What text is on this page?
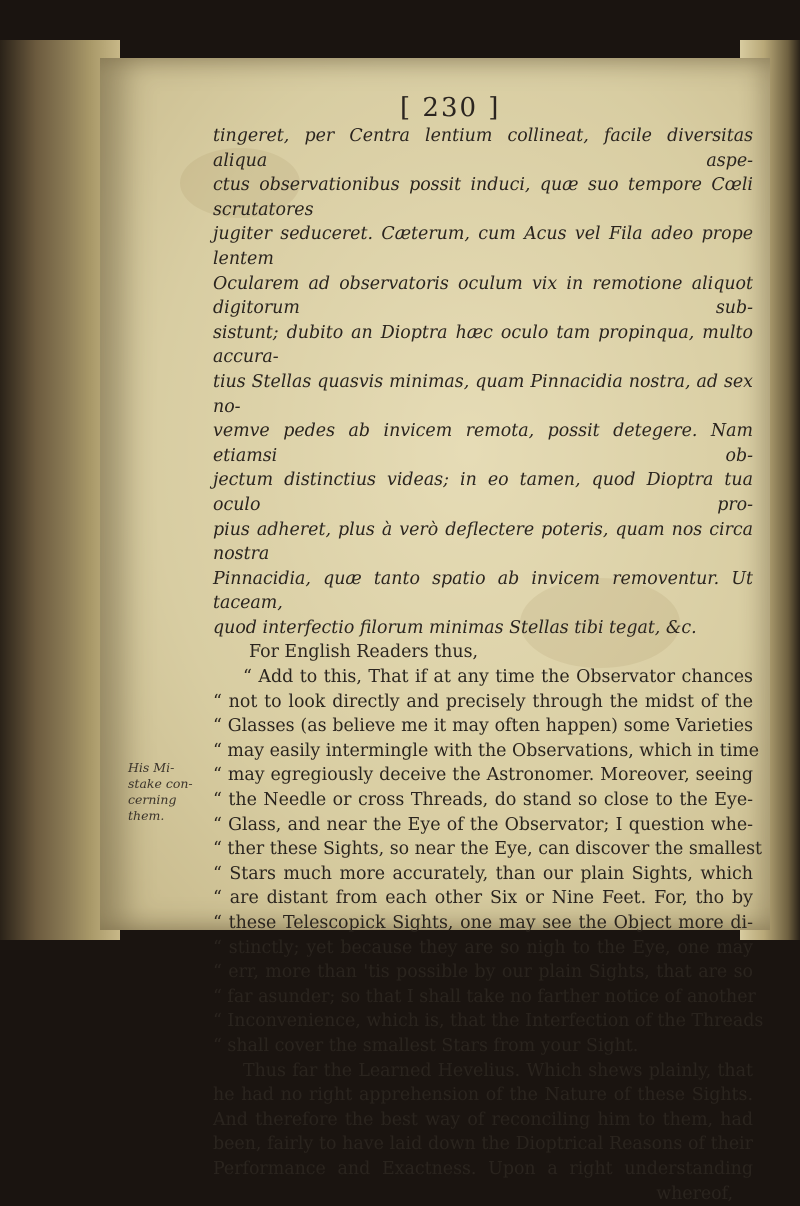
[ 230 ]

tingeret, per Centra lentium collineat, facile diversitas aliqua aspe-
ctus observationibus possit induci, quæ suo tempore Cœli scrutatores
jugiter seduceret. Cæterum, cum Acus vel Fila adeo prope lentem
Ocularem ad observatoris oculum vix in remotione aliquot digitorum sub-
sistunt; dubito an Dioptra hæc oculo tam propinqua, multo accura-
tius Stellas quasvis minimas, quam Pinnacidia nostra, ad sex no-
vemve pedes ab invicem remota, possit detegere. Nam etiamsi ob-
jectum distinctius videas; in eo tamen, quod Dioptra tua oculo pro-
pius adheret, plus à verò deflectere poteris, quam nos circa nostra
Pinnacidia, quæ tanto spatio ab invicem removentur. Ut taceam,
quod interfectio filorum minimas Stellas tibi tegat, &c.

For English Readers thus,
“ Add to this, That if at any time the Observator chances
“ not to look directly and precisely through the midst of the
“ Glasses (as believe me it may often happen) some Varieties
“ may easily intermingle with the Observations, which in time
“ may egregiously deceive the Astronomer. Moreover, seeing
“ the Needle or cross Threads, do stand so close to the Eye-
“ Glass, and near the Eye of the Observator; I question whe-
“ ther these Sights, so near the Eye, can discover the smallest
“ Stars much more accurately, than our plain Sights, which
“ are distant from each other Six or Nine Feet. For, tho by
“ these Telescopick Sights, one may see the Object more di-
“ stinctly; yet because they are so nigh to the Eye, one may
“ err, more than 'tis possible by our plain Sights, that are so
“ far asunder; so that I shall take no farther notice of another
“ Inconvenience, which is, that the Interfection of the Threads
“ shall cover the smallest Stars from your Sight.

Thus far the Learned Hevelius. Which shews plainly, that
he had no right apprehension of the Nature of these Sights.
And therefore the best way of reconciling him to them, had
been, fairly to have laid down the Dioptrical Reasons of their
Performance and Exactness. Upon a right understanding
whereof,

His Mi-
stake con-
cerning
them.
